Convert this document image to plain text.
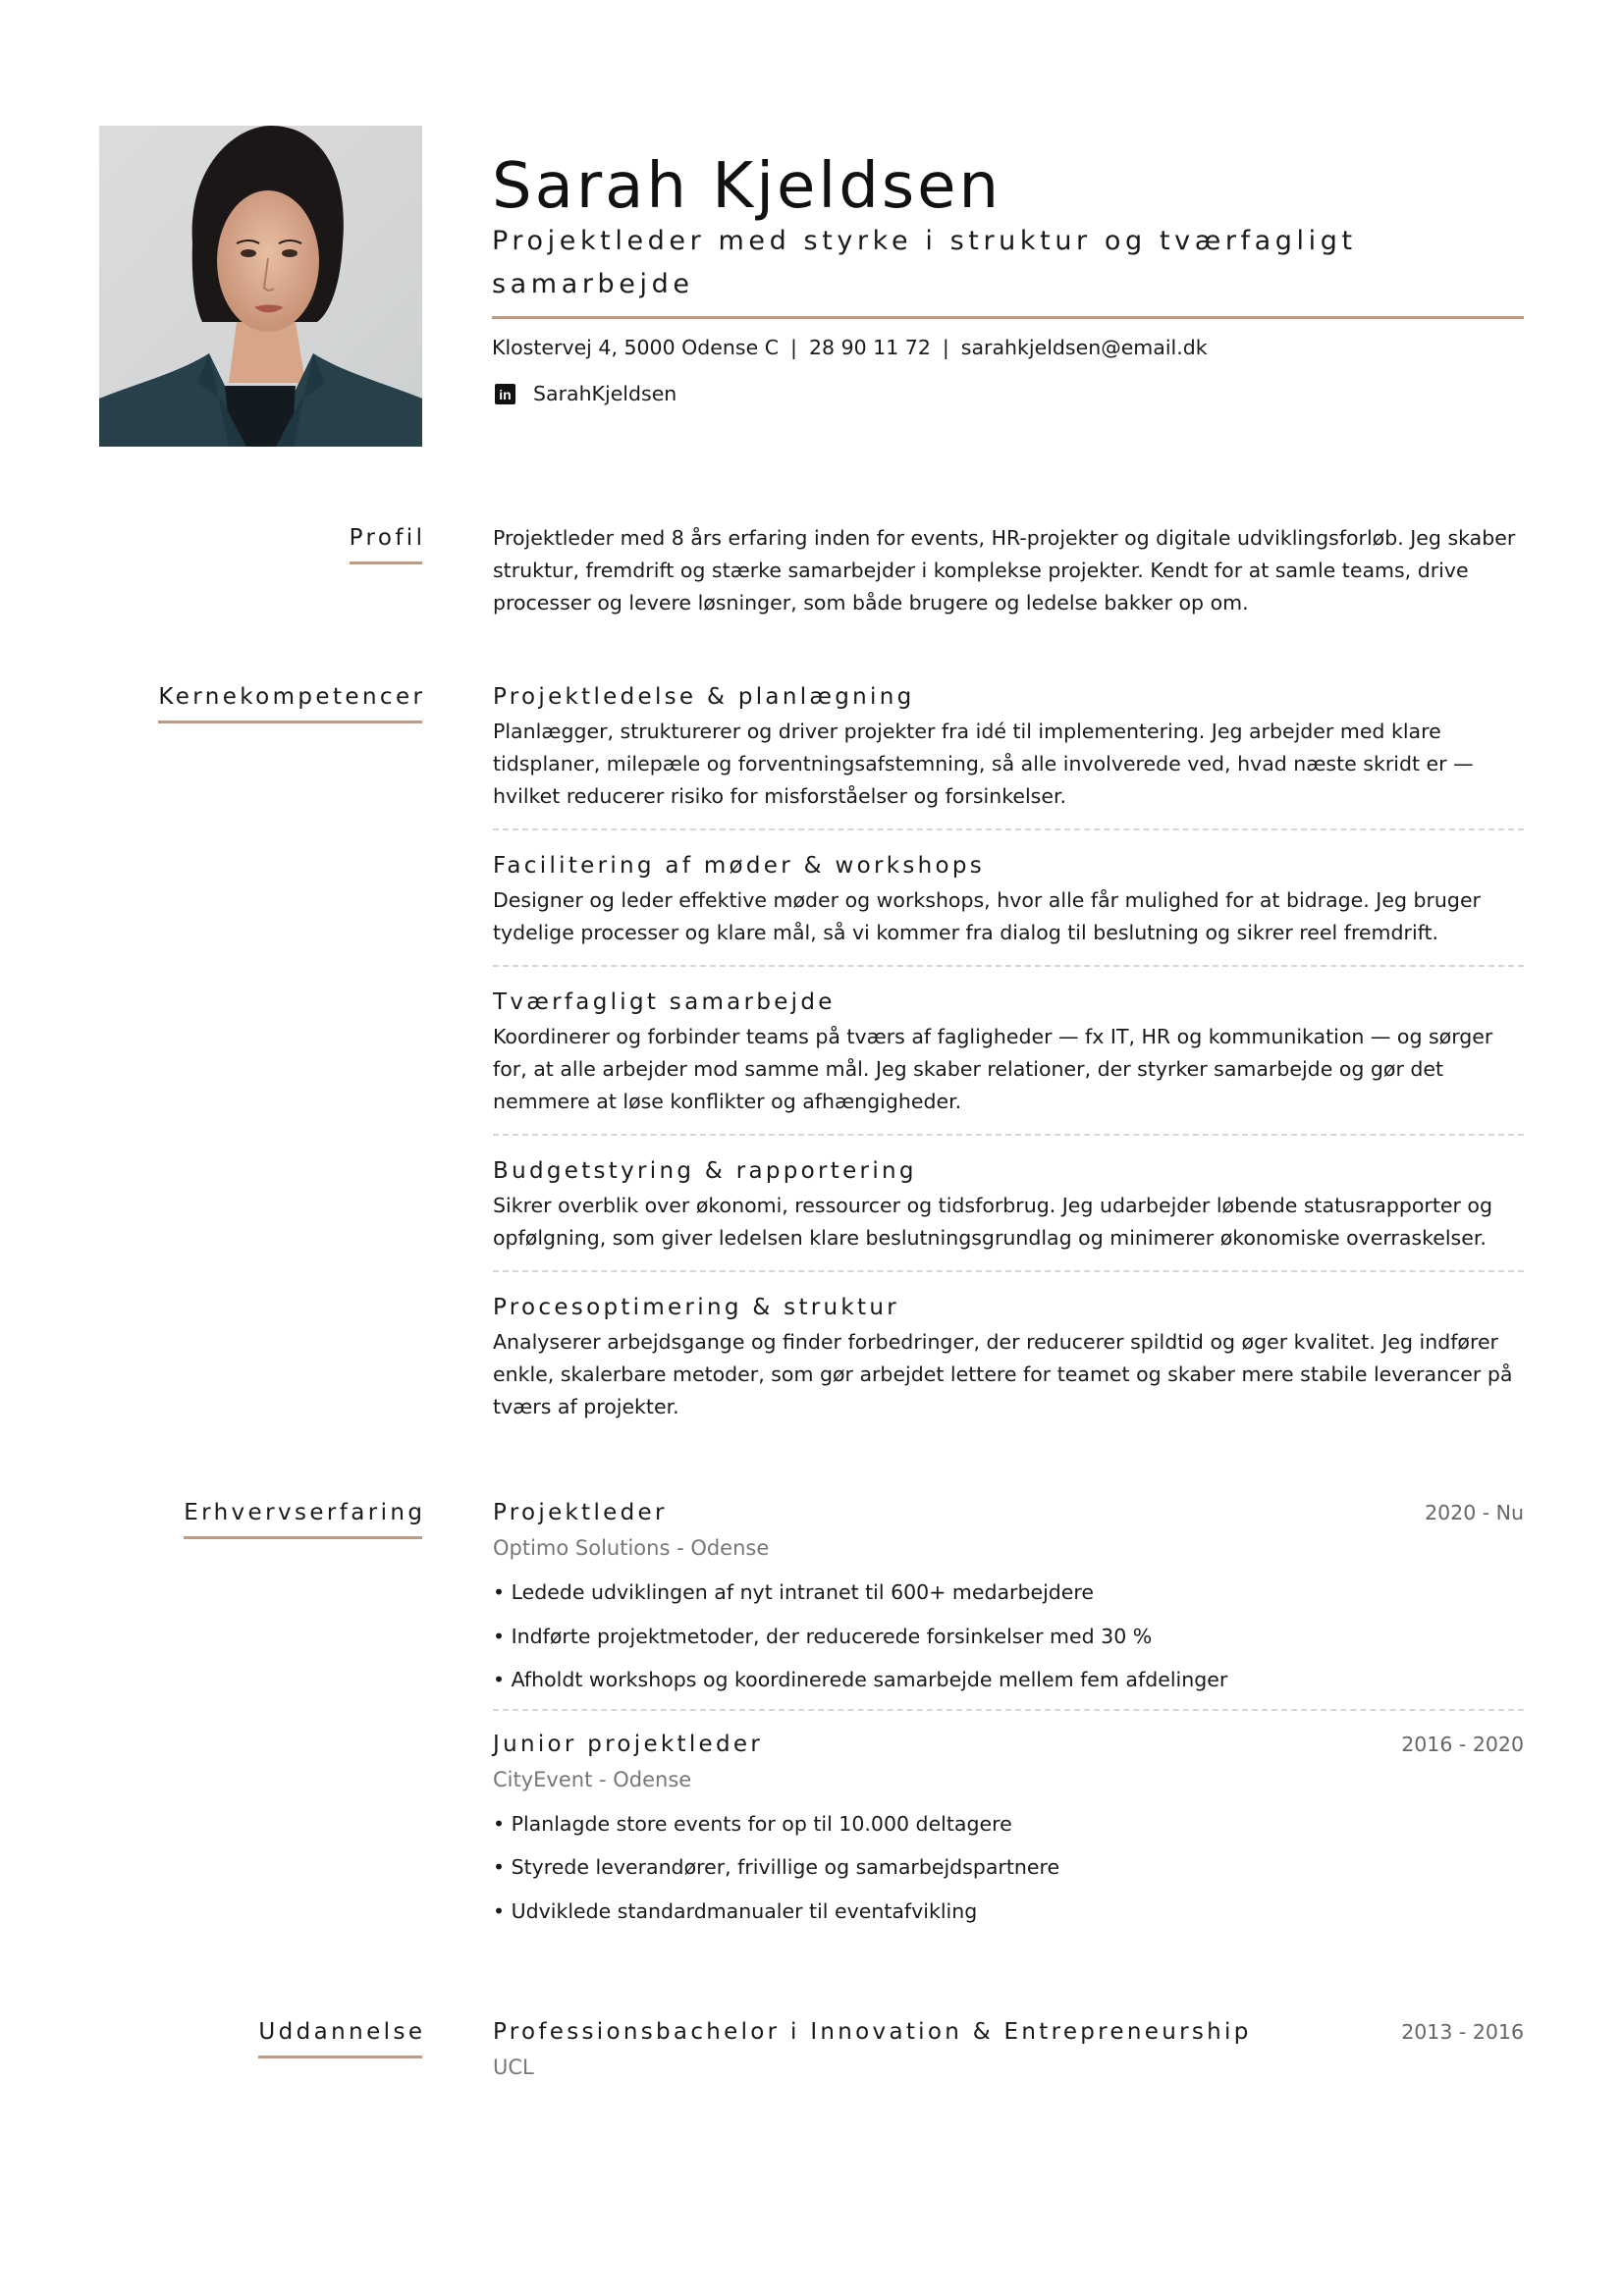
Sarah Kjeldsen
Projektleder med styrke i struktur og tværfagligt samarbejde
Klostervej 4, 5000 Odense C | 28 90 11 72 | sarahkjeldsen@email.dk
in SarahKjeldsen
Profil	Projektleder med 8 års erfaring inden for events, HR-projekter og digitale udviklingsforløb. Jeg skaber struktur, fremdrift og stærke samarbejder i komplekse projekter. Kendt for at samle teams, drive processer og levere løsninger, som både brugere og ledelse bakker op om.

Kernekompetencer	Projektledelse & planlægning
Planlægger, strukturerer og driver projekter fra idé til implementering. Jeg arbejder med klare tidsplaner, milepæle og forventningsafstemning, så alle involverede ved, hvad næste skridt er — hvilket reducerer risiko for misforståelser og forsinkelser.
Facilitering af møder & workshops
Designer og leder effektive møder og workshops, hvor alle får mulighed for at bidrage. Jeg bruger tydelige processer og klare mål, så vi kommer fra dialog til beslutning og sikrer reel fremdrift.
Tværfagligt samarbejde
Koordinerer og forbinder teams på tværs af fagligheder — fx IT, HR og kommunikation — og sørger for, at alle arbejder mod samme mål. Jeg skaber relationer, der styrker samarbejde og gør det nemmere at løse konflikter og afhængigheder.
Budgetstyring & rapportering
Sikrer overblik over økonomi, ressourcer og tidsforbrug. Jeg udarbejder løbende statusrapporter og opfølgning, som giver ledelsen klare beslutningsgrundlag og minimerer økonomiske overraskelser.
Procesoptimering & struktur
Analyserer arbejdsgange og finder forbedringer, der reducerer spildtid og øger kvalitet. Jeg indfører enkle, skalerbare metoder, som gør arbejdet lettere for teamet og skaber mere stabile leverancer på tværs af projekter.
Erhvervserfaring	Projektleder	2020 - Nu
Optimo Solutions - Odense
• Ledede udviklingen af nyt intranet til 600+ medarbejdere
• Indførte projektmetoder, der reducerede forsinkelser med 30 %
• Afholdt workshops og koordinerede samarbejde mellem fem afdelinger
Junior projektleder	2016 - 2020
CityEvent - Odense
• Planlagde store events for op til 10.000 deltagere
• Styrede leverandører, frivillige og samarbejdspartnere
• Udviklede standardmanualer til eventafvikling
Uddannelse	Professionsbachelor i Innovation & Entrepreneurship	2013 - 2016
UCL
